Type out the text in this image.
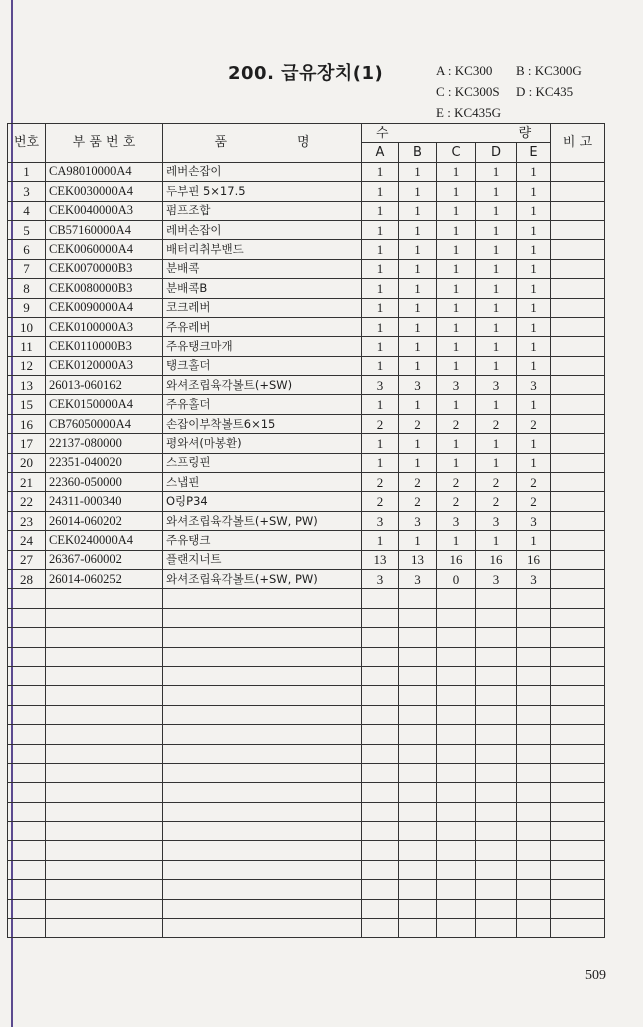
200. 급유장치(1)	A : KC300 B : KC300G
C : KC300S D : KC435
E : KC435G
번호	부 품 번 호	품 명	수 량					비 고
			A	B	C	D	E	
1	CA98010000A4	레버손잡이	1	1	1	1	1	
3	CEK0030000A4	두부핀 5×17.5	1	1	1	1	1	
4	CEK0040000A3	펌프조합	1	1	1	1	1	
5	CB57160000A4	레버손잡이	1	1	1	1	1	
6	CEK0060000A4	배터리취부밴드	1	1	1	1	1	
7	CEK0070000B3	분배콕	1	1	1	1	1	
8	CEK0080000B3	분배콕B	1	1	1	1	1	
9	CEK0090000A4	코크레버	1	1	1	1	1	
10	CEK0100000A3	주유레버	1	1	1	1	1	
11	CEK0110000B3	주유탱크마개	1	1	1	1	1	
12	CEK0120000A3	탱크홀더	1	1	1	1	1	
13	26013-060162	와셔조립육각볼트(+SW)	3	3	3	3	3	
15	CEK0150000A4	주유홀더	1	1	1	1	1	
16	CB76050000A4	손잡이부착볼트6×15	2	2	2	2	2	
17	22137-080000	평와셔(마봉환)	1	1	1	1	1	
20	22351-040020	스프링핀	1	1	1	1	1	
21	22360-050000	스냅핀	2	2	2	2	2	
22	24311-000340	O링P34	2	2	2	2	2	
23	26014-060202	와셔조립육각볼트(+SW, PW)	3	3	3	3	3	
24	CEK0240000A4	주유탱크	1	1	1	1	1	
27	26367-060002	플랜지너트	13	13	16	16	16	
28	26014-060252	와셔조립육각볼트(+SW, PW)	3	3	0	3	3	

509
